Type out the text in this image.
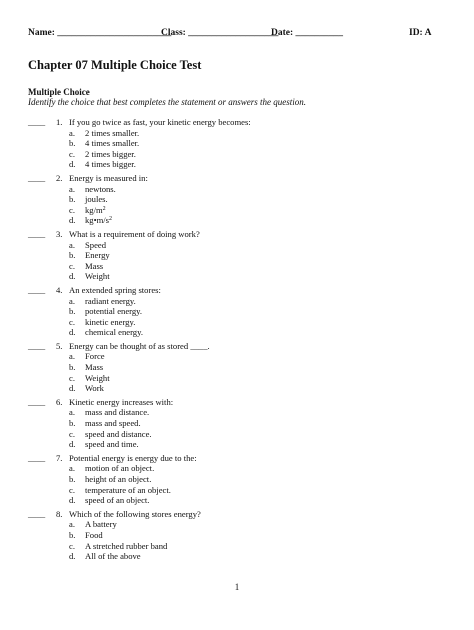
Name: ________________________
Class: ___________________
Date: __________	ID: A
Chapter 07 Multiple Choice Test
Multiple Choice
Identify the choice that best completes the statement or answers the question.
____ 1. If you go twice as fast, your kinetic energy becomes:
a. 2 times smaller.
b. 4 times smaller.
c. 2 times bigger.
d. 4 times bigger.
____ 2. Energy is measured in:
a. newtons.
b. joules.
c. $kg/m^2$
d. $kg•m/s^2$
____ 3. What is a requirement of doing work?
a. Speed
b. Energy
c. Mass
d. Weight
____ 4. An extended spring stores:
a. radiant energy.
b. potential energy.
c. kinetic energy.
d. chemical energy.
____ 5. Energy can be thought of as stored ____.
a. Force
b. Mass
c. Weight
d. Work
____ 6. Kinetic energy increases with:
a. mass and distance.
b. mass and speed.
c. speed and distance.
d. speed and time.
____ 7. Potential energy is energy due to the:
a. motion of an object.
b. height of an object.
c. temperature of an object.
d. speed of an object.
____ 8. Which of the following stores energy?
a. A battery
b. Food
c. A stretched rubber band
d. All of the above
1
